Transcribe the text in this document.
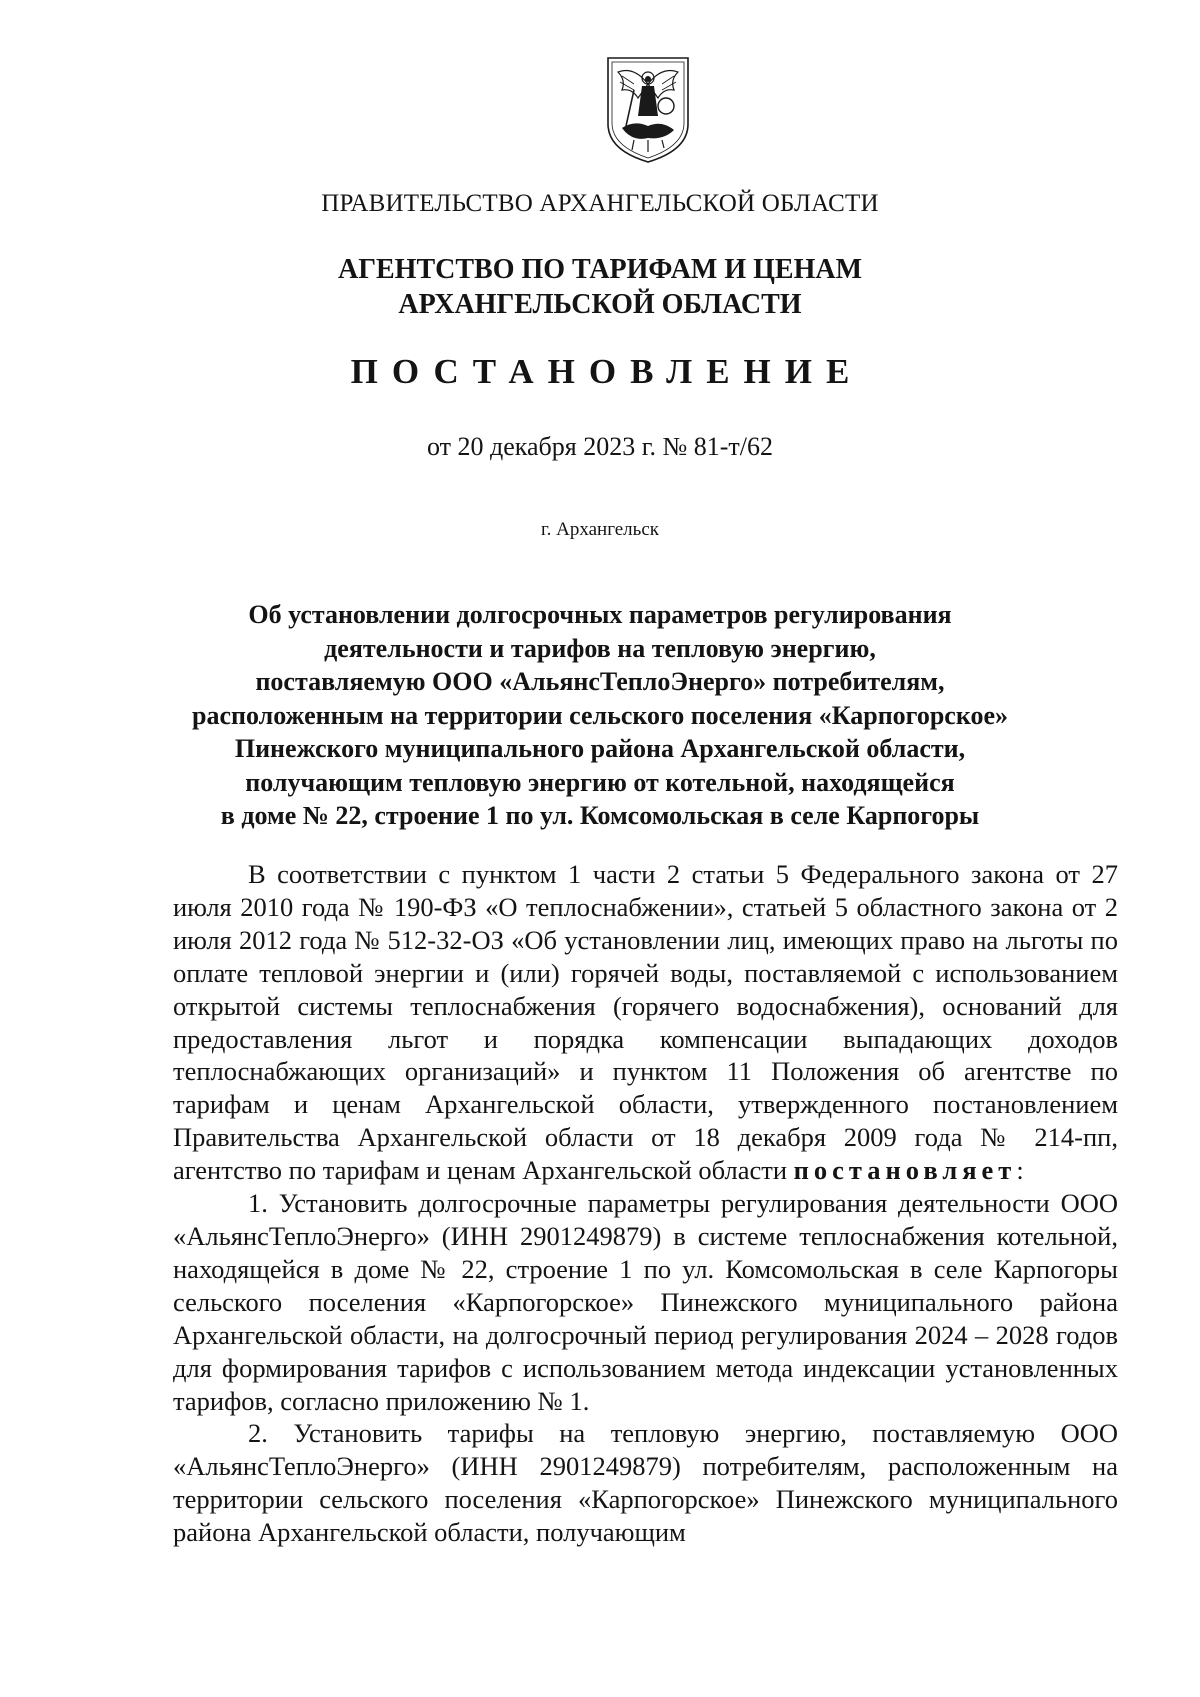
ПРАВИТЕЛЬСТВО АРХАНГЕЛЬСКОЙ ОБЛАСТИ
АГЕНТСТВО ПО ТАРИФАМ И ЦЕНАМ
АРХАНГЕЛЬСКОЙ ОБЛАСТИ
ПОСТАНОВЛЕНИЕ
от 20 декабря 2023 г. № 81-т/62
г. Архангельск
Об установлении долгосрочных параметров регулирования
деятельности и тарифов на тепловую энергию,
поставляемую ООО «АльянсТеплоЭнерго» потребителям,
расположенным на территории сельского поселения «Карпогорское»
Пинежского муниципального района Архангельской области,
получающим тепловую энергию от котельной, находящейся
в доме № 22, строение 1 по ул. Комсомольская в селе Карпогоры

В соответствии с пунктом 1 части 2 статьи 5 Федерального закона от 27 июля 2010 года № 190-ФЗ «О теплоснабжении», статьей 5 областного закона от 2 июля 2012 года № 512-32-ОЗ «Об установлении лиц, имеющих право на льготы по оплате тепловой энергии и (или) горячей воды, поставляемой с использованием открытой системы теплоснабжения (горячего водоснабжения), оснований для предоставления льгот и порядка компенсации выпадающих доходов теплоснабжающих организаций» и пунктом 11 Положения об агентстве по тарифам и ценам Архангельской области, утвержденного постановлением Правительства Архангельской области от 18 декабря 2009 года № 214-пп, агентство по тарифам и ценам Архангельской области постановляет:

1. Установить долгосрочные параметры регулирования деятельности ООО «АльянсТеплоЭнерго» (ИНН 2901249879) в системе теплоснабжения котельной, находящейся в доме № 22, строение 1 по ул. Комсомольская в селе Карпогоры сельского поселения «Карпогорское» Пинежского муниципального района Архангельской области, на долгосрочный период регулирования 2024 – 2028 годов для формирования тарифов с использованием метода индексации установленных тарифов, согласно приложению № 1.

2. Установить тарифы на тепловую энергию, поставляемую ООО «АльянсТеплоЭнерго» (ИНН 2901249879) потребителям, расположенным на территории сельского поселения «Карпогорское» Пинежского муниципального района Архангельской области, получающим
